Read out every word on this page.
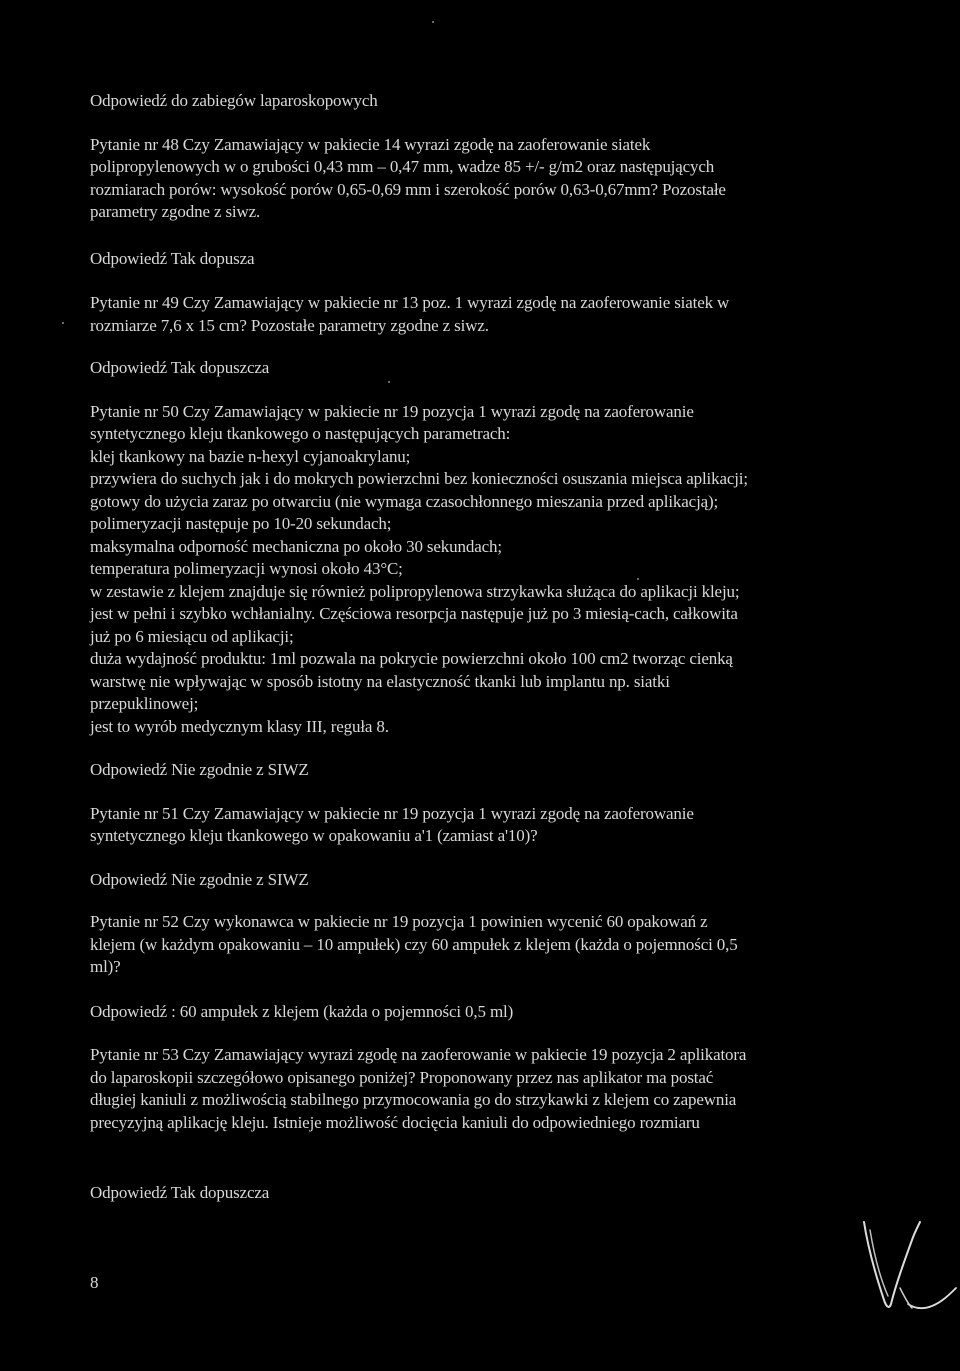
Odpowiedź do zabiegów laparoskopowych

Pytanie nr 48 Czy Zamawiający w pakiecie 14 wyrazi zgodę na zaoferowanie siatek
polipropylenowych w o grubości 0,43 mm – 0,47 mm, wadze 85 +/- g/m2 oraz następujących
rozmiarach porów: wysokość porów 0,65-0,69 mm i szerokość porów 0,63-0,67mm? Pozostałe
parametry zgodne z siwz.

Odpowiedź Tak dopusza

Pytanie nr 49 Czy Zamawiający w pakiecie nr 13 poz. 1 wyrazi zgodę na zaoferowanie siatek w
rozmiarze 7,6 x 15 cm? Pozostałe parametry zgodne z siwz.

Odpowiedź Tak dopuszcza

Pytanie nr 50 Czy Zamawiający w pakiecie nr 19 pozycja 1 wyrazi zgodę na zaoferowanie
syntetycznego kleju tkankowego o następujących parametrach:
klej tkankowy na bazie n-hexyl cyjanoakrylanu;
przywiera do suchych jak i do mokrych powierzchni bez konieczności osuszania miejsca aplikacji;
gotowy do użycia zaraz po otwarciu (nie wymaga czasochłonnego mieszania przed aplikacją);
polimeryzacji następuje po 10-20 sekundach;
maksymalna odporność mechaniczna po około 30 sekundach;
temperatura polimeryzacji wynosi około 43°C;
w zestawie z klejem znajduje się również polipropylenowa strzykawka służąca do aplikacji kleju;
jest w pełni i szybko wchłanialny. Częściowa resorpcja następuje już po 3 miesią-cach, całkowita
już po 6 miesiącu od aplikacji;
duża wydajność produktu: 1ml pozwala na pokrycie powierzchni około 100 cm2 tworząc cienką
warstwę nie wpływając w sposób istotny na elastyczność tkanki lub implantu np. siatki
przepuklinowej;
jest to wyrób medycznym klasy III, reguła 8.

Odpowiedź Nie zgodnie z SIWZ

Pytanie nr 51 Czy Zamawiający w pakiecie nr 19 pozycja 1 wyrazi zgodę na zaoferowanie
syntetycznego kleju tkankowego w opakowaniu a'1 (zamiast a'10)?

Odpowiedź Nie zgodnie z SIWZ

Pytanie nr 52 Czy wykonawca w pakiecie nr 19 pozycja 1 powinien wycenić 60 opakowań z
klejem (w każdym opakowaniu – 10 ampułek) czy 60 ampułek z klejem (każda o pojemności 0,5
ml)?

Odpowiedź : 60 ampułek z klejem (każda o pojemności 0,5 ml)

Pytanie nr 53 Czy Zamawiający wyrazi zgodę na zaoferowanie w pakiecie 19 pozycja 2 aplikatora
do laparoskopii szczegółowo opisanego poniżej? Proponowany przez nas aplikator ma postać
długiej kaniuli z możliwością stabilnego przymocowania go do strzykawki z klejem co zapewnia
precyzyjną aplikację kleju. Istnieje możliwość docięcia kaniuli do odpowiedniego rozmiaru

Odpowiedź Tak dopuszcza

8
